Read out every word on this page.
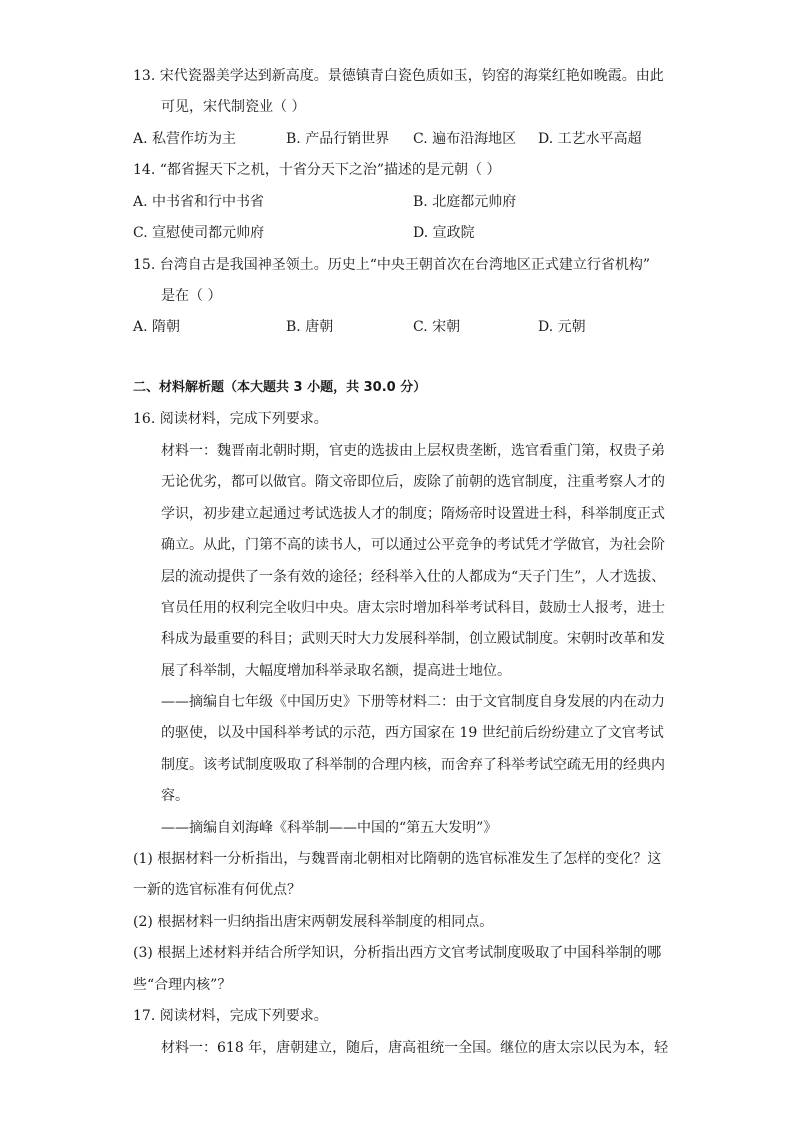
13. 宋代瓷器美学达到新高度。景德镇青白瓷色质如玉，钧窑的海棠红艳如晚霞。由此
可见，宋代制瓷业（ ）
A. 私营作坊为主	B. 产品行销世界 C. 遍布沿海地区 D. 工艺水平高超
14. “都省握天下之机，十省分天下之治”描述的是元朝（ ）
A. 中书省和行中书省	B. 北庭都元帅府
C. 宣慰使司都元帅府	D. 宣政院
15. 台湾自古是我国神圣领土。历史上“中央王朝首次在台湾地区正式建立行省机构”
是在（ ）
A. 隋朝	B. 唐朝	C. 宋朝	D. 元朝
二、材料解析题（本大题共 3 小题，共 30.0 分）
16. 阅读材料，完成下列要求。
材料一：魏晋南北朝时期，官吏的选拔由上层权贵垄断，选官看重门第，权贵子弟
无论优劣，都可以做官。隋文帝即位后，废除了前朝的选官制度，注重考察人才的
学识，初步建立起通过考试选拔人才的制度；隋炀帝时设置进士科，科举制度正式
确立。从此，门第不高的读书人，可以通过公平竞争的考试凭才学做官，为社会阶
层的流动提供了一条有效的途径；经科举入仕的人都成为“天子门生”，人才选拔、
官员任用的权利完全收归中央。唐太宗时增加科举考试科目，鼓励士人报考，进士
科成为最重要的科目；武则天时大力发展科举制，创立殿试制度。宋朝时改革和发
展了科举制，大幅度增加科举录取名额，提高进士地位。
——摘编自七年级《中国历史》下册等材料二：由于文官制度自身发展的内在动力
的驱使，以及中国科举考试的示范，西方国家在 19 世纪前后纷纷建立了文官考试
制度。该考试制度吸取了科举制的合理内核，而舍弃了科举考试空疏无用的经典内
容。
——摘编自刘海峰《科举制——中国的“第五大发明”》
(1) 根据材料一分析指出，与魏晋南北朝相对比隋朝的选官标准发生了怎样的变化？这
一新的选官标准有何优点？
(2) 根据材料一归纳指出唐宋两朝发展科举制度的相同点。
(3) 根据上述材料并结合所学知识，分析指出西方文官考试制度吸取了中国科举制的哪
些“合理内核”？
17. 阅读材料，完成下列要求。
材料一：618 年，唐朝建立，随后，唐高祖统一全国。继位的唐太宗以民为本，轻
